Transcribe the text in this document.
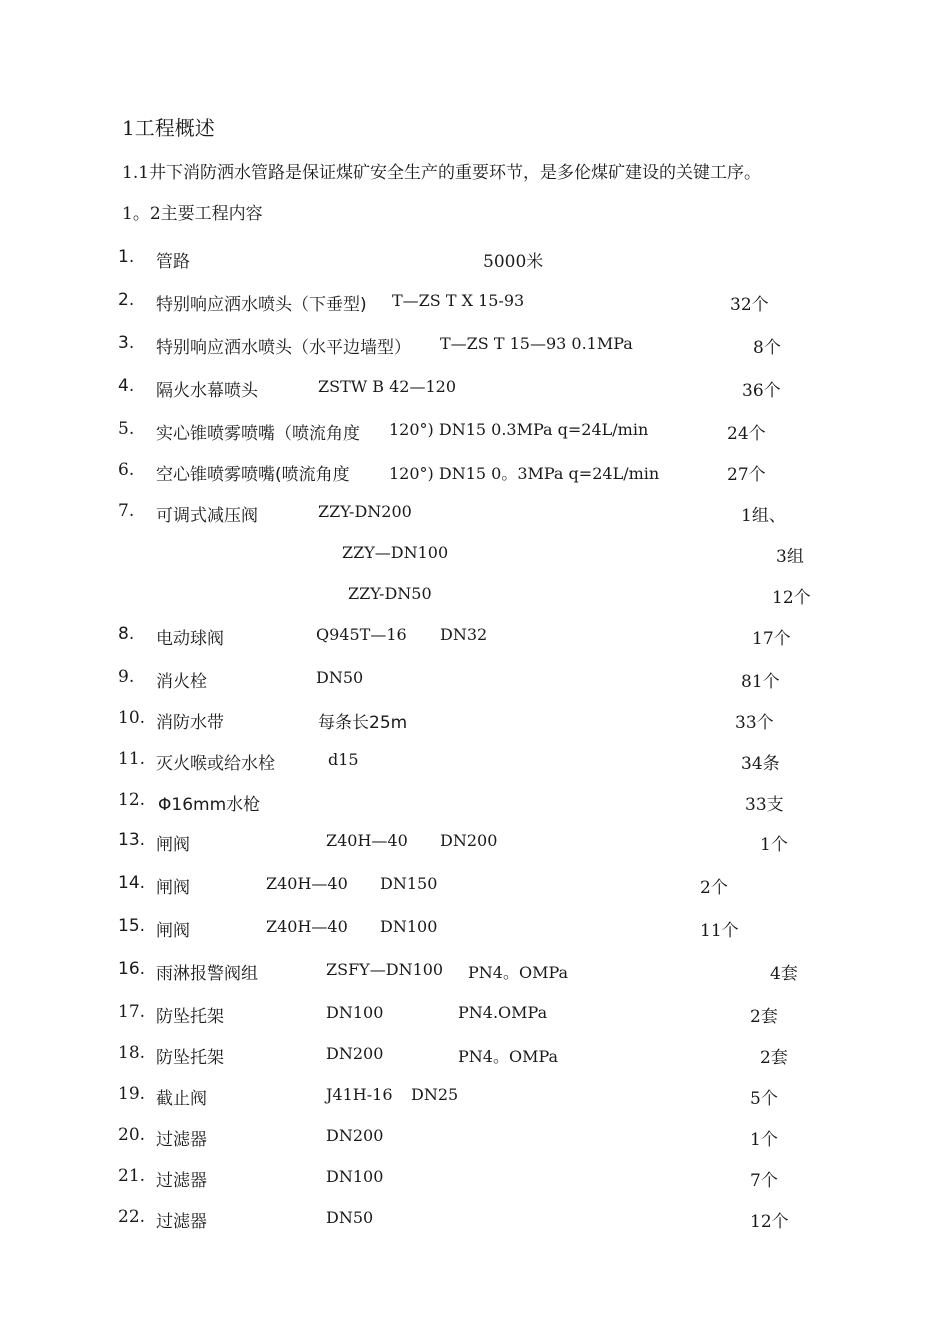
1工程概述
1.1井下消防洒水管路是保证煤矿安全生产的重要环节，是多伦煤矿建设的关键工序。
1。2主要工程内容
1. 管路	5000米
2. 特别响应洒水喷头（下垂型) T—ZS T X 15-93	32个
3. 特别响应洒水喷头（水平边墙型） T—ZS T 15—93 0.1MPa	8个
4. 隔火水幕喷头	ZSTW B 42—120	36个
5. 实心锥喷雾喷嘴（喷流角度 120°) DN15 0.3MPa q=24L/min	24个
6. 空心锥喷雾喷嘴(喷流角度 120°) DN15 0。3MPa q=24L/min	27个
7. 可调式减压阀	ZZY-DN200	1组、
ZZY—DN100	3组
ZZY-DN50	12个
8. 电动球阀	Q945T—16 DN32	17个
9. 消火栓	DN50	81个
10. 消防水带	每条长25m	33个
11. 灭火喉或给水栓	d15	34条
12. Φ16mm水枪	33支
13. 闸阀	Z40H—40 DN200	1个
14. 闸阀	Z40H—40 DN150	2个
15. 闸阀	Z40H—40 DN100	11个
16. 雨淋报警阀组	ZSFY—DN100 PN4。OMPa	4套
17. 防坠托架	DN100	PN4.OMPa	2套
18. 防坠托架	DN200	PN4。OMPa	2套
19. 截止阀	J41H-16 DN25	5个
20. 过滤器	DN200	1个
21. 过滤器	DN100	7个
22. 过滤器	DN50	12个
